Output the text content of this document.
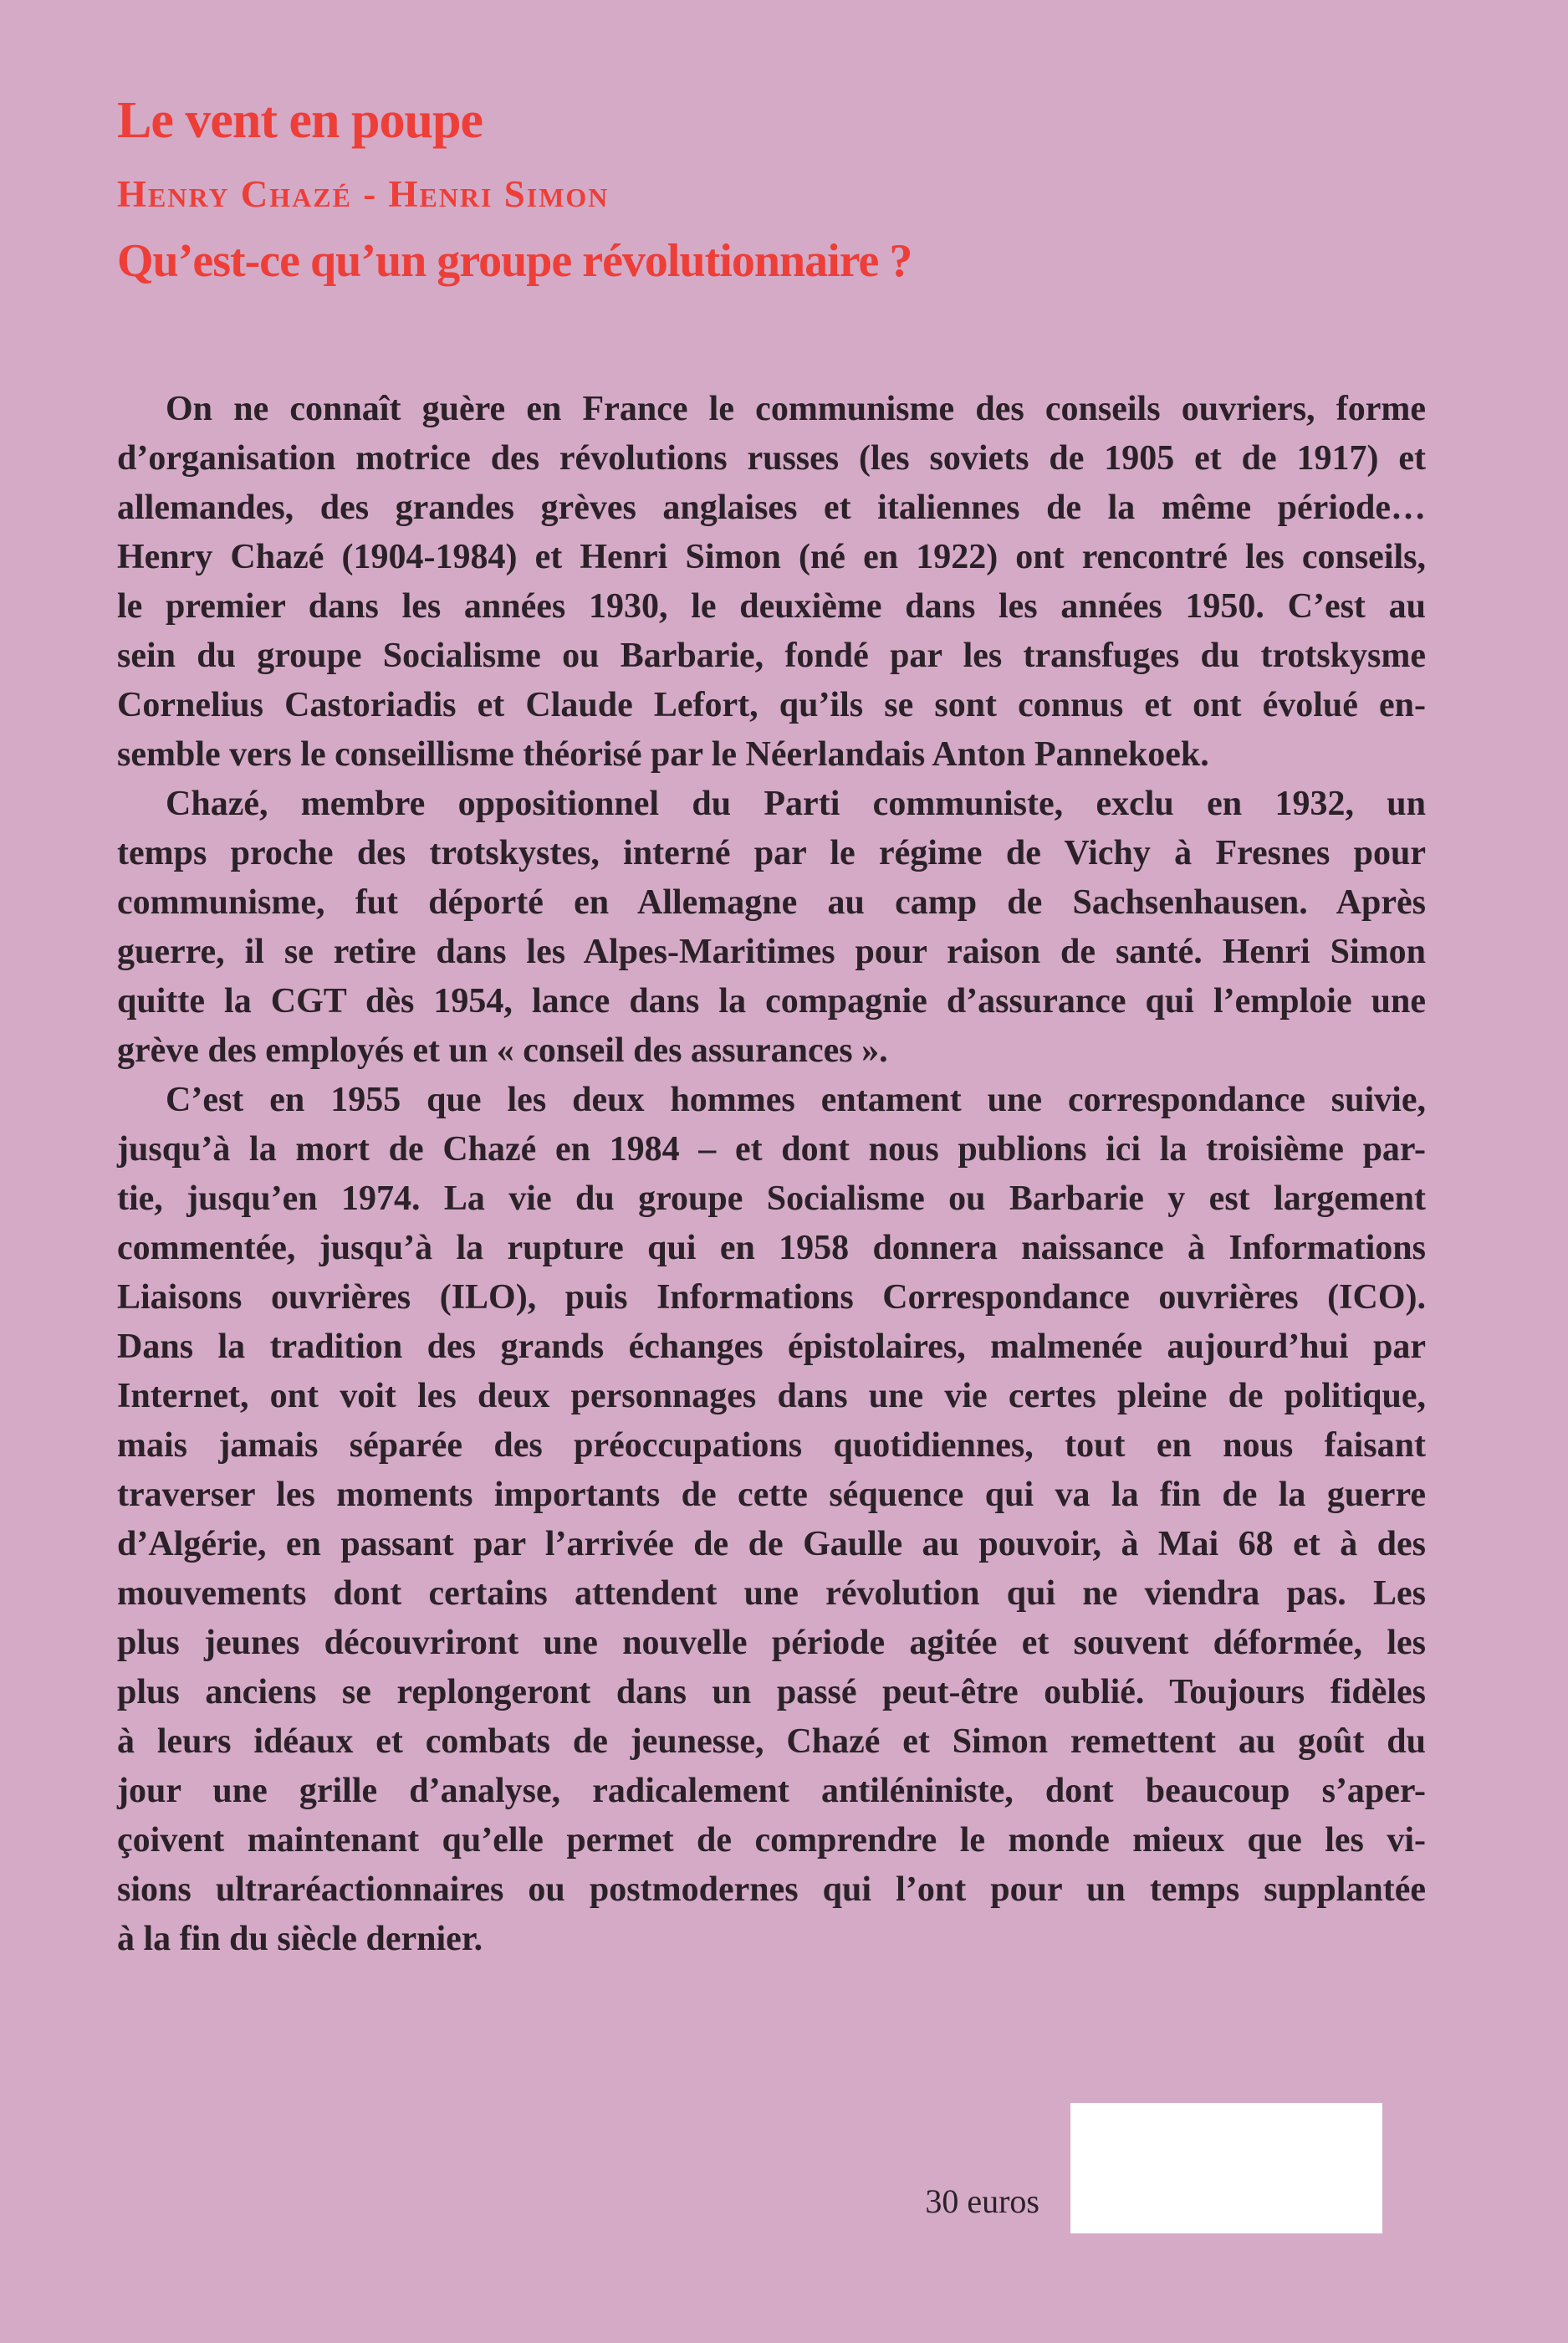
Le vent en poupe
Henry Chazé - Henri Simon
Qu’est-ce qu’un groupe révolutionnaire ?
On ne connaît guère en France le communisme des conseils ouvriers, forme
d’organisation motrice des révolutions russes (les soviets de 1905 et de 1917) et
allemandes, des grandes grèves anglaises et italiennes de la même période…
Henry Chazé (1904-1984) et Henri Simon (né en 1922) ont rencontré les conseils,
le premier dans les années 1930, le deuxième dans les années 1950. C’est au
sein du groupe Socialisme ou Barbarie, fondé par les transfuges du trotskysme
Cornelius Castoriadis et Claude Lefort, qu’ils se sont connus et ont évolué en-
semble vers le conseillisme théorisé par le Néerlandais Anton Pannekoek.
Chazé, membre oppositionnel du Parti communiste, exclu en 1932, un
temps proche des trotskystes, interné par le régime de Vichy à Fresnes pour
communisme, fut déporté en Allemagne au camp de Sachsenhausen. Après
guerre, il se retire dans les Alpes-Maritimes pour raison de santé. Henri Simon
quitte la CGT dès 1954, lance dans la compagnie d’assurance qui l’emploie une
grève des employés et un « conseil des assurances ».
C’est en 1955 que les deux hommes entament une correspondance suivie,
jusqu’à la mort de Chazé en 1984 – et dont nous publions ici la troisième par-
tie, jusqu’en 1974. La vie du groupe Socialisme ou Barbarie y est largement
commentée, jusqu’à la rupture qui en 1958 donnera naissance à Informations
Liaisons ouvrières (ILO), puis Informations Correspondance ouvrières (ICO).
Dans la tradition des grands échanges épistolaires, malmenée aujourd’hui par
Internet, ont voit les deux personnages dans une vie certes pleine de politique,
mais jamais séparée des préoccupations quotidiennes, tout en nous faisant
traverser les moments importants de cette séquence qui va la fin de la guerre
d’Algérie, en passant par l’arrivée de de Gaulle au pouvoir, à Mai 68 et à des
mouvements dont certains attendent une révolution qui ne viendra pas. Les
plus jeunes découvriront une nouvelle période agitée et souvent déformée, les
plus anciens se replongeront dans un passé peut-être oublié. Toujours fidèles
à leurs idéaux et combats de jeunesse, Chazé et Simon remettent au goût du
jour une grille d’analyse, radicalement antiléniniste, dont beaucoup s’aper-
çoivent maintenant qu’elle permet de comprendre le monde mieux que les vi-
sions ultraréactionnaires ou postmodernes qui l’ont pour un temps supplantée
à la fin du siècle dernier.
30 euros
